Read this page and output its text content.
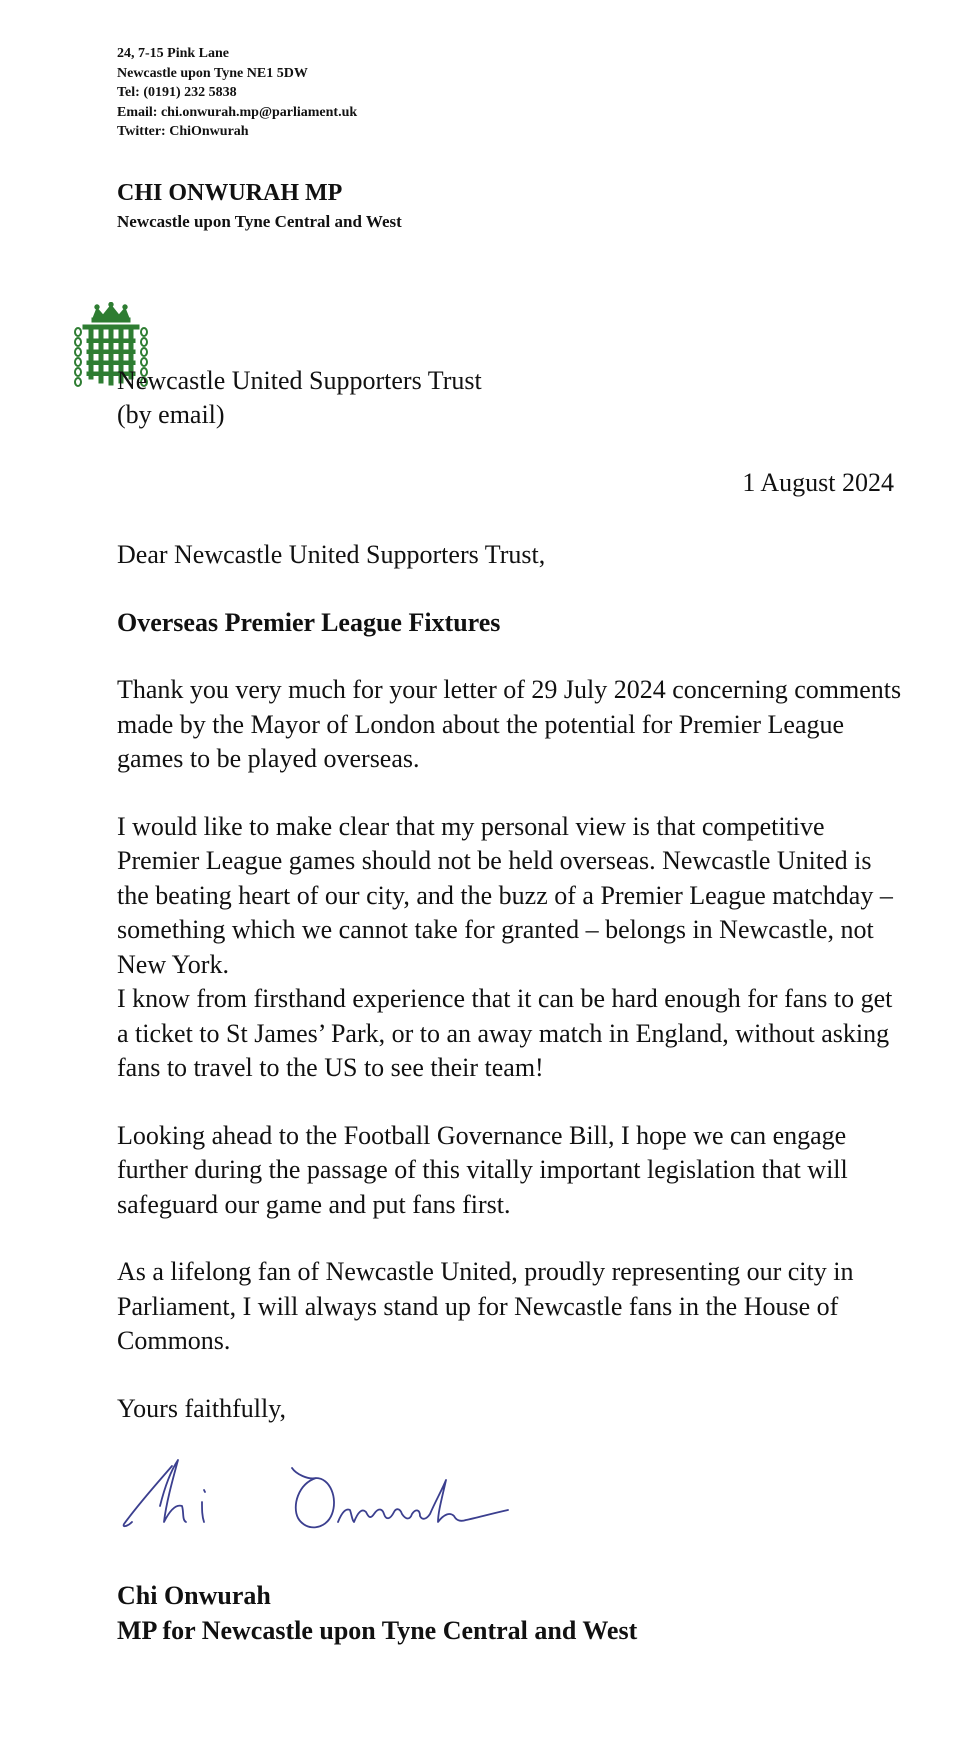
24, 7-15 Pink Lane
Newcastle upon Tyne NE1 5DW
Tel: (0191) 232 5838
Email: chi.onwurah.mp@parliament.uk
Twitter: ChiOnwurah
CHI ONWURAH MP
Newcastle upon Tyne Central and West
Newcastle United Supporters Trust
(by email)
1 August 2024

Dear Newcastle United Supporters Trust,

Overseas Premier League Fixtures

Thank you very much for your letter of 29 July 2024 concerning comments made by the Mayor of London about the potential for Premier League games to be played overseas.

I would like to make clear that my personal view is that competitive Premier League games should not be held overseas. Newcastle United is the beating heart of our city, and the buzz of a Premier League matchday – something which we cannot take for granted – belongs in Newcastle, not New York.

I know from firsthand experience that it can be hard enough for fans to get a ticket to St James’ Park, or to an away match in England, without asking fans to travel to the US to see their team!

Looking ahead to the Football Governance Bill, I hope we can engage further during the passage of this vitally important legislation that will safeguard our game and put fans first.

As a lifelong fan of Newcastle United, proudly representing our city in Parliament, I will always stand up for Newcastle fans in the House of Commons.

Yours faithfully,

Chi Onwurah
MP for Newcastle upon Tyne Central and West
